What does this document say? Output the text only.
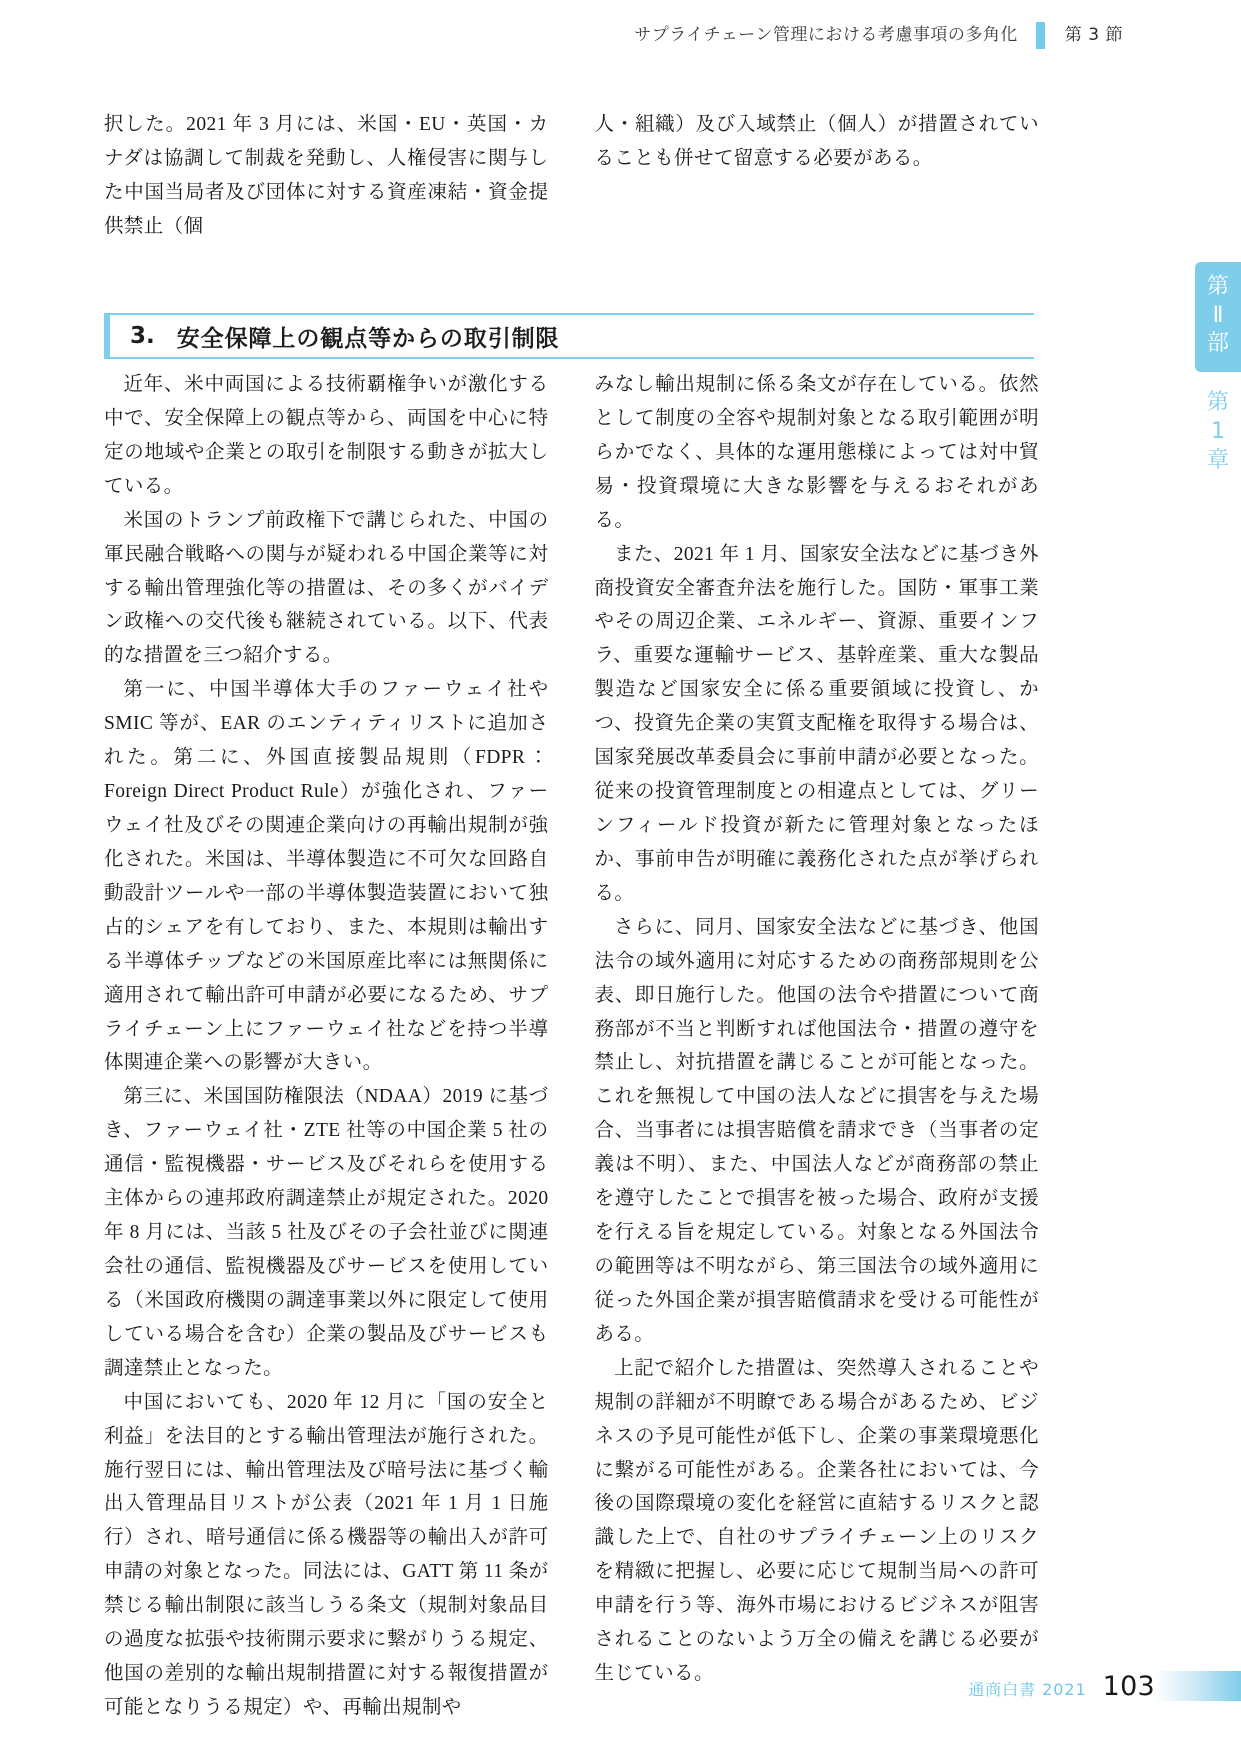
サプライチェーン管理における考慮事項の多角化	第 3 節
第
Ⅱ
部
第
1
章

択した。2021 年 3 月には、米国・EU・英国・カナダは協調して制裁を発動し、人権侵害に関与した中国当局者及び団体に対する資産凍結・資金提供禁止（個

人・組織）及び入域禁止（個人）が措置されていることも併せて留意する必要がある。

3. 安全保障上の観点等からの取引制限

近年、米中両国による技術覇権争いが激化する中で、安全保障上の観点等から、両国を中心に特定の地域や企業との取引を制限する動きが拡大している。

米国のトランプ前政権下で講じられた、中国の軍民融合戦略への関与が疑われる中国企業等に対する輸出管理強化等の措置は、その多くがバイデン政権への交代後も継続されている。以下、代表的な措置を三つ紹介する。

第一に、中国半導体大手のファーウェイ社や SMIC 等が、EAR のエンティティリストに追加された。第二に、外国直接製品規則（FDPR：Foreign Direct Product Rule）が強化され、ファーウェイ社及びその関連企業向けの再輸出規制が強化された。米国は、半導体製造に不可欠な回路自動設計ツールや一部の半導体製造装置において独占的シェアを有しており、また、本規則は輸出する半導体チップなどの米国原産比率には無関係に適用されて輸出許可申請が必要になるため、サプライチェーン上にファーウェイ社などを持つ半導体関連企業への影響が大きい。

第三に、米国国防権限法（NDAA）2019 に基づき、ファーウェイ社・ZTE 社等の中国企業 5 社の通信・監視機器・サービス及びそれらを使用する主体からの連邦政府調達禁止が規定された。2020 年 8 月には、当該 5 社及びその子会社並びに関連会社の通信、監視機器及びサービスを使用している（米国政府機関の調達事業以外に限定して使用している場合を含む）企業の製品及びサービスも調達禁止となった。

中国においても、2020 年 12 月に「国の安全と利益」を法目的とする輸出管理法が施行された。施行翌日には、輸出管理法及び暗号法に基づく輸出入管理品目リストが公表（2021 年 1 月 1 日施行）され、暗号通信に係る機器等の輸出入が許可申請の対象となった。同法には、GATT 第 11 条が禁じる輸出制限に該当しうる条文（規制対象品目の過度な拡張や技術開示要求に繋がりうる規定、他国の差別的な輸出規制措置に対する報復措置が可能となりうる規定）や、再輸出規制や

みなし輸出規制に係る条文が存在している。依然として制度の全容や規制対象となる取引範囲が明らかでなく、具体的な運用態様によっては対中貿易・投資環境に大きな影響を与えるおそれがある。

また、2021 年 1 月、国家安全法などに基づき外商投資安全審査弁法を施行した。国防・軍事工業やその周辺企業、エネルギー、資源、重要インフラ、重要な運輸サービス、基幹産業、重大な製品製造など国家安全に係る重要領域に投資し、かつ、投資先企業の実質支配権を取得する場合は、国家発展改革委員会に事前申請が必要となった。従来の投資管理制度との相違点としては、グリーンフィールド投資が新たに管理対象となったほか、事前申告が明確に義務化された点が挙げられる。

さらに、同月、国家安全法などに基づき、他国法令の域外適用に対応するための商務部規則を公表、即日施行した。他国の法令や措置について商務部が不当と判断すれば他国法令・措置の遵守を禁止し、対抗措置を講じることが可能となった。これを無視して中国の法人などに損害を与えた場合、当事者には損害賠償を請求でき（当事者の定義は不明）、また、中国法人などが商務部の禁止を遵守したことで損害を被った場合、政府が支援を行える旨を規定している。対象となる外国法令の範囲等は不明ながら、第三国法令の域外適用に従った外国企業が損害賠償請求を受ける可能性がある。

上記で紹介した措置は、突然導入されることや規制の詳細が不明瞭である場合があるため、ビジネスの予見可能性が低下し、企業の事業環境悪化に繋がる可能性がある。企業各社においては、今後の国際環境の変化を経営に直結するリスクと認識した上で、自社のサプライチェーン上のリスクを精緻に把握し、必要に応じて規制当局への許可申請を行う等、海外市場におけるビジネスが阻害されることのないよう万全の備えを講じる必要が生じている。

通商白書 2021 103
